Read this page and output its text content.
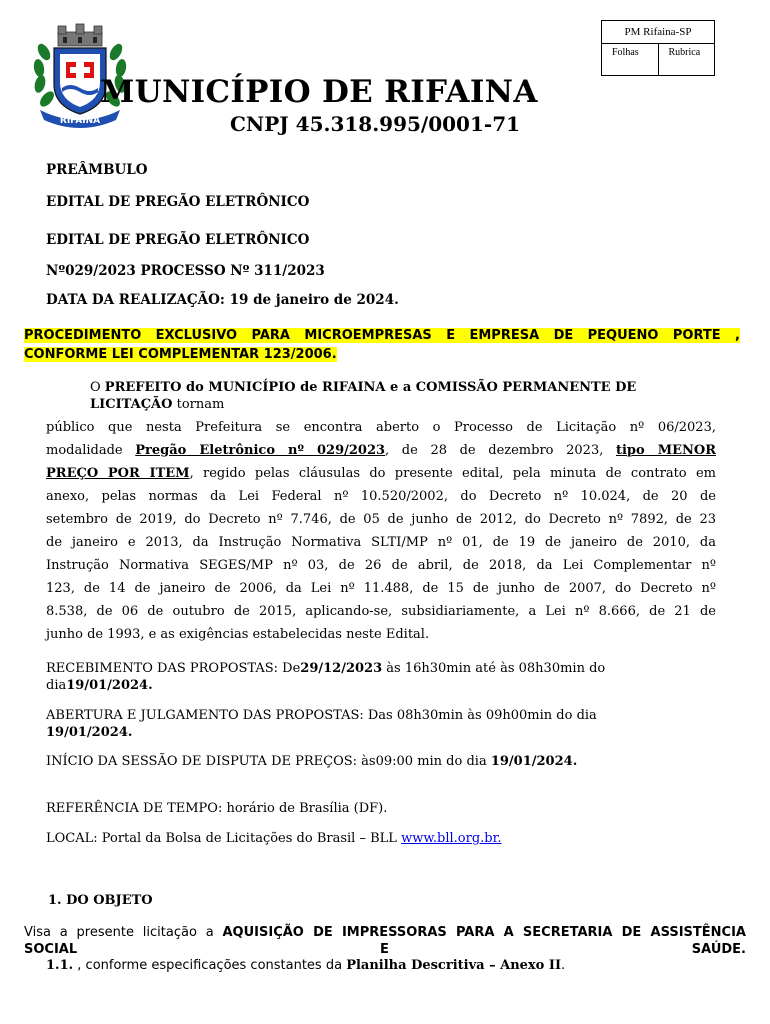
RIFAINA
MUNICÍPIO DE RIFAINA
CNPJ 45.318.995/0001-71
PM Rifaina-SP
Folhas	Rubrica
PREÂMBULO
EDITAL DE PREGÃO ELETRÔNICO
EDITAL DE PREGÃO ELETRÔNICO
Nº029/2023 PROCESSO Nº 311/2023
DATA DA REALIZAÇÃO: 19 de janeiro de 2024.
PROCEDIMENTO EXCLUSIVO PARA MICROEMPRESAS E EMPRESA DE PEQUENO PORTE ,
CONFORME LEI COMPLEMENTAR 123/2006.
O PREFEITO do MUNICÍPIO de RIFAINA e a COMISSÃO PERMANENTE DE LICITAÇÃO tornam
público que nesta Prefeitura se encontra aberto o Processo de Licitação nº 06/2023,
modalidade Pregão Eletrônico nº 029/2023, de 28 de dezembro 2023, tipo MENOR
PREÇO POR ITEM, regido pelas cláusulas do presente edital, pela minuta de contrato em
anexo, pelas normas da Lei Federal nº 10.520/2002, do Decreto nº 10.024, de 20 de
setembro de 2019, do Decreto nº 7.746, de 05 de junho de 2012, do Decreto nº 7892, de 23
de janeiro e 2013, da Instrução Normativa SLTI/MP nº 01, de 19 de janeiro de 2010, da
Instrução Normativa SEGES/MP nº 03, de 26 de abril, de 2018, da Lei Complementar nº
123, de 14 de janeiro de 2006, da Lei nº 11.488, de 15 de junho de 2007, do Decreto nº
8.538, de 06 de outubro de 2015, aplicando-se, subsidiariamente, a Lei nº 8.666, de 21 de
junho de 1993, e as exigências estabelecidas neste Edital.
RECEBIMENTO DAS PROPOSTAS: De29/12/2023 às 16h30min até às 08h30min do dia19/01/2024.
ABERTURA E JULGAMENTO DAS PROPOSTAS: Das 08h30min às 09h00min do dia
19/01/2024.
INÍCIO DA SESSÃO DE DISPUTA DE PREÇOS: às09:00 min do dia 19/01/2024.
REFERÊNCIA DE TEMPO: horário de Brasília (DF).
LOCAL: Portal da Bolsa de Licitações do Brasil – BLL www.bll.org.br.
1. DO OBJETO
Visa a presente licitação a AQUISIÇÃO DE IMPRESSORAS PARA A SECRETARIA DE ASSISTÊNCIA SOCIAL E SAÚDE.
1.1. , conforme especificações constantes da Planilha Descritiva – Anexo II.
